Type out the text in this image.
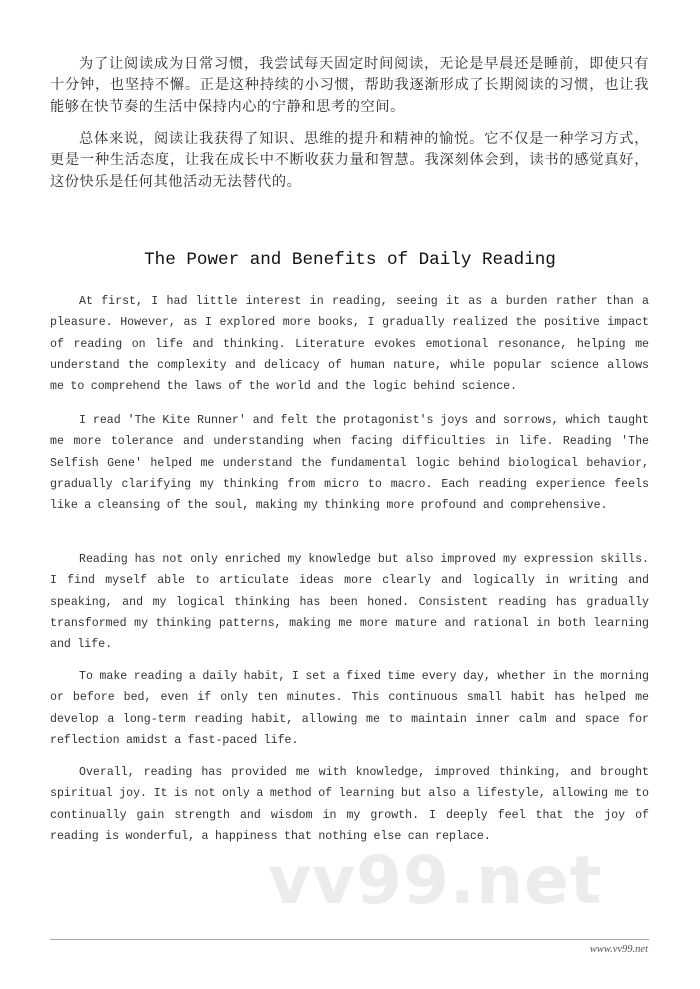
为了让阅读成为日常习惯，我尝试每天固定时间阅读，无论是早晨还是睡前，即使只有十分钟，也坚持不懈。正是这种持续的小习惯，帮助我逐渐形成了长期阅读的习惯，也让我能够在快节奏的生活中保持内心的宁静和思考的空间。

总体来说，阅读让我获得了知识、思维的提升和精神的愉悦。它不仅是一种学习方式，更是一种生活态度，让我在成长中不断收获力量和智慧。我深刻体会到，读书的感觉真好，这份快乐是任何其他活动无法替代的。

The Power and Benefits of Daily Reading

At first, I had little interest in reading, seeing it as a burden rather than a pleasure. However, as I explored more books, I gradually realized the positive impact of reading on life and thinking. Literature evokes emotional resonance, helping me understand the complexity and delicacy of human nature, while popular science allows me to comprehend the laws of the world and the logic behind science.

I read 'The Kite Runner' and felt the protagonist's joys and sorrows, which taught me more tolerance and understanding when facing difficulties in life. Reading 'The Selfish Gene' helped me understand the fundamental logic behind biological behavior, gradually clarifying my thinking from micro to macro. Each reading experience feels like a cleansing of the soul, making my thinking more profound and comprehensive.

Reading has not only enriched my knowledge but also improved my expression skills. I find myself able to articulate ideas more clearly and logically in writing and speaking, and my logical thinking has been honed. Consistent reading has gradually transformed my thinking patterns, making me more mature and rational in both learning and life.

To make reading a daily habit, I set a fixed time every day, whether in the morning or before bed, even if only ten minutes. This continuous small habit has helped me develop a long-term reading habit, allowing me to maintain inner calm and space for reflection amidst a fast-paced life.

Overall, reading has provided me with knowledge, improved thinking, and brought spiritual joy. It is not only a method of learning but also a lifestyle, allowing me to continually gain strength and wisdom in my growth. I deeply feel that the joy of reading is wonderful, a happiness that nothing else can replace.

vv99.net
www.vv99.net
